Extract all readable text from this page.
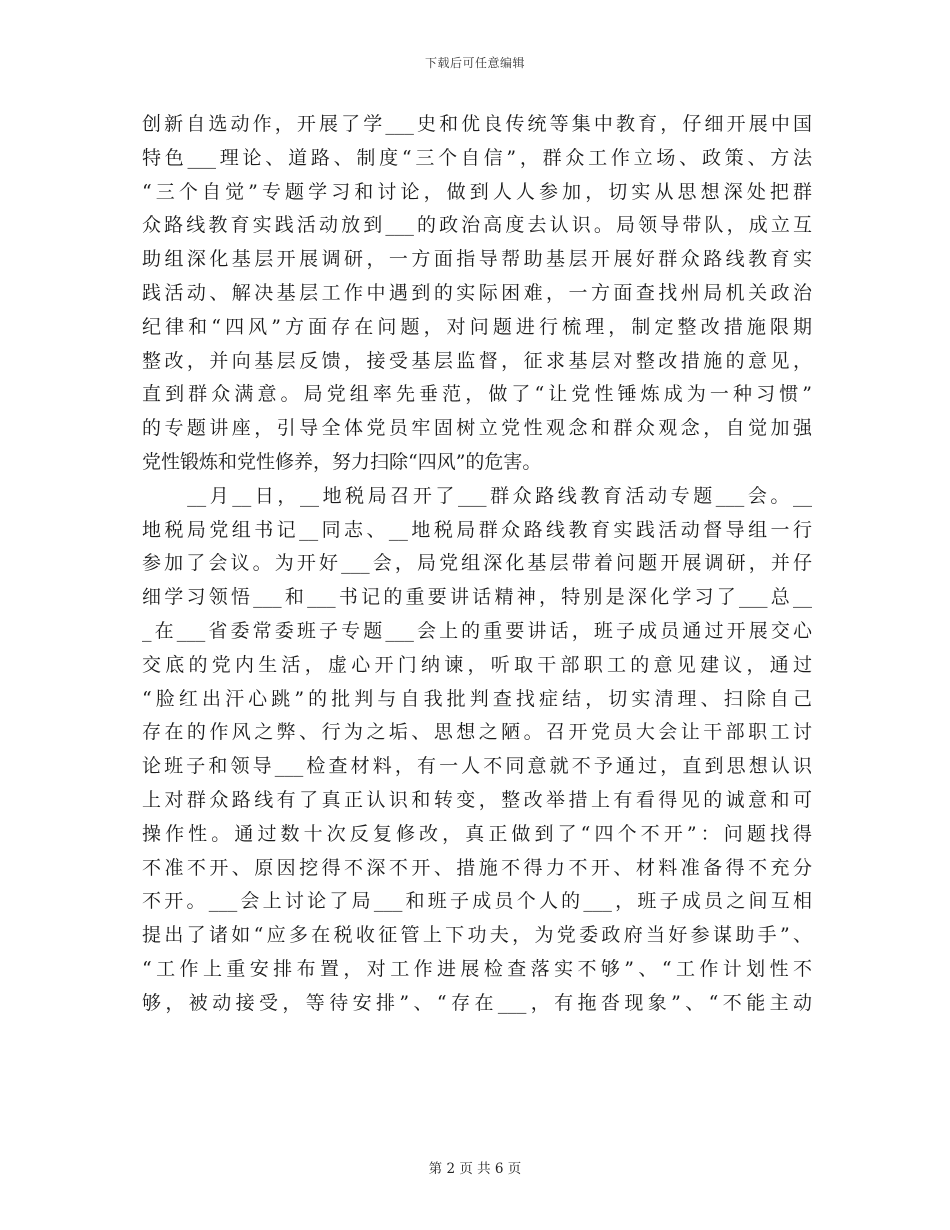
下载后可任意编辑
创新自选动作，开展了学___史和优良传统等集中教育，仔细开展中国
特色___理论、道路、制度“三个自信”，群众工作立场、政策、方法
“三个自觉”专题学习和讨论，做到人人参加，切实从思想深处把群
众路线教育实践活动放到___的政治高度去认识。局领导带队，成立互
助组深化基层开展调研，一方面指导帮助基层开展好群众路线教育实
践活动、解决基层工作中遇到的实际困难，一方面查找州局机关政治
纪律和“四风”方面存在问题，对问题进行梳理，制定整改措施限期
整改，并向基层反馈，接受基层监督，征求基层对整改措施的意见，
直到群众满意。局党组率先垂范，做了“让党性锤炼成为一种习惯”
的专题讲座，引导全体党员牢固树立党性观念和群众观念，自觉加强
党性锻炼和党性修养，努力扫除“四风”的危害。
　　__月__日，__地税局召开了___群众路线教育活动专题___会。__
地税局党组书记__同志、__地税局群众路线教育实践活动督导组一行
参加了会议。为开好___会，局党组深化基层带着问题开展调研，并仔
细学习领悟___和___书记的重要讲话精神，特别是深化学习了___总__
_在___省委常委班子专题___会上的重要讲话，班子成员通过开展交心
交底的党内生活，虚心开门纳谏，听取干部职工的意见建议，通过
“脸红出汗心跳”的批判与自我批判查找症结，切实清理、扫除自己
存在的作风之弊、行为之垢、思想之陋。召开党员大会让干部职工讨
论班子和领导___检查材料，有一人不同意就不予通过，直到思想认识
上对群众路线有了真正认识和转变，整改举措上有看得见的诚意和可
操作性。通过数十次反复修改，真正做到了“四个不开”：问题找得
不准不开、原因挖得不深不开、措施不得力不开、材料准备得不充分
不开。___会上讨论了局___和班子成员个人的___，班子成员之间互相
提出了诸如“应多在税收征管上下功夫，为党委政府当好参谋助手”、
“工作上重安排布置，对工作进展检查落实不够”、“工作计划性不
够，被动接受，等待安排”、“存在___，有拖沓现象”、“不能主动
第 2 页 共 6 页
